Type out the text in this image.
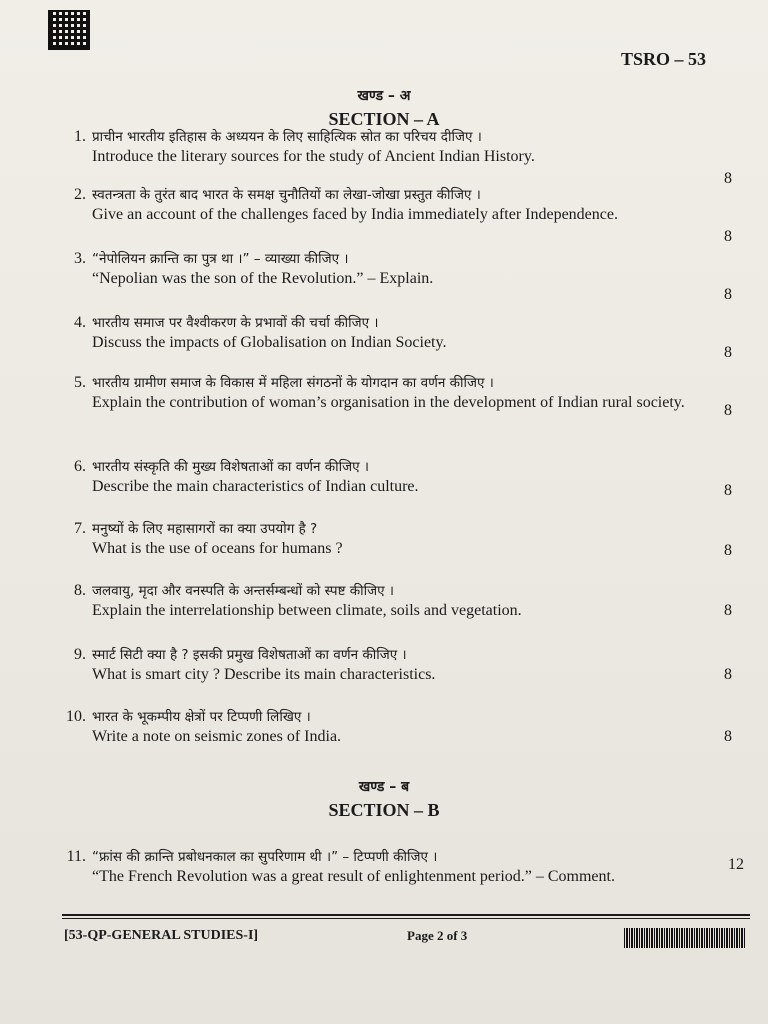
TSRO – 53
खण्ड – अ
SECTION – A
1. प्राचीन भारतीय इतिहास के अध्ययन के लिए साहित्यिक स्रोत का परिचय दीजिए ।
Introduce the literary sources for the study of Ancient Indian History.
8
2. स्वतन्त्रता के तुरंत बाद भारत के समक्ष चुनौतियों का लेखा-जोखा प्रस्तुत कीजिए ।
Give an account of the challenges faced by India immediately after Independence.
8
3. “नेपोलियन क्रान्ति का पुत्र था ।” – व्याख्या कीजिए ।
“Nepolian was the son of the Revolution.” – Explain.
8
4. भारतीय समाज पर वैश्वीकरण के प्रभावों की चर्चा कीजिए ।
Discuss the impacts of Globalisation on Indian Society.
8
5. भारतीय ग्रामीण समाज के विकास में महिला संगठनों के योगदान का वर्णन कीजिए ।
Explain the contribution of woman’s organisation in the development of Indian rural society.	8
6. भारतीय संस्कृति की मुख्य विशेषताओं का वर्णन कीजिए ।
Describe the main characteristics of Indian culture.	8
7. मनुष्यों के लिए महासागरों का क्या उपयोग है ?
What is the use of oceans for humans ?	8
8. जलवायु, मृदा और वनस्पति के अन्तर्सम्बन्धों को स्पष्ट कीजिए ।
Explain the interrelationship between climate, soils and vegetation.	8
9. स्मार्ट सिटी क्या है ? इसकी प्रमुख विशेषताओं का वर्णन कीजिए ।
What is smart city ? Describe its main characteristics.	8
10. भारत के भूकम्पीय क्षेत्रों पर टिप्पणी लिखिए ।
Write a note on seismic zones of India.	8
खण्ड – ब
SECTION – B
11. “फ्रांस की क्रान्ति प्रबोधनकाल का सुपरिणाम थी ।” – टिप्पणी कीजिए ।
“The French Revolution was a great result of enlightenment period.” – Comment.
12
[53-QP-GENERAL STUDIES-I]	Page 2 of 3
